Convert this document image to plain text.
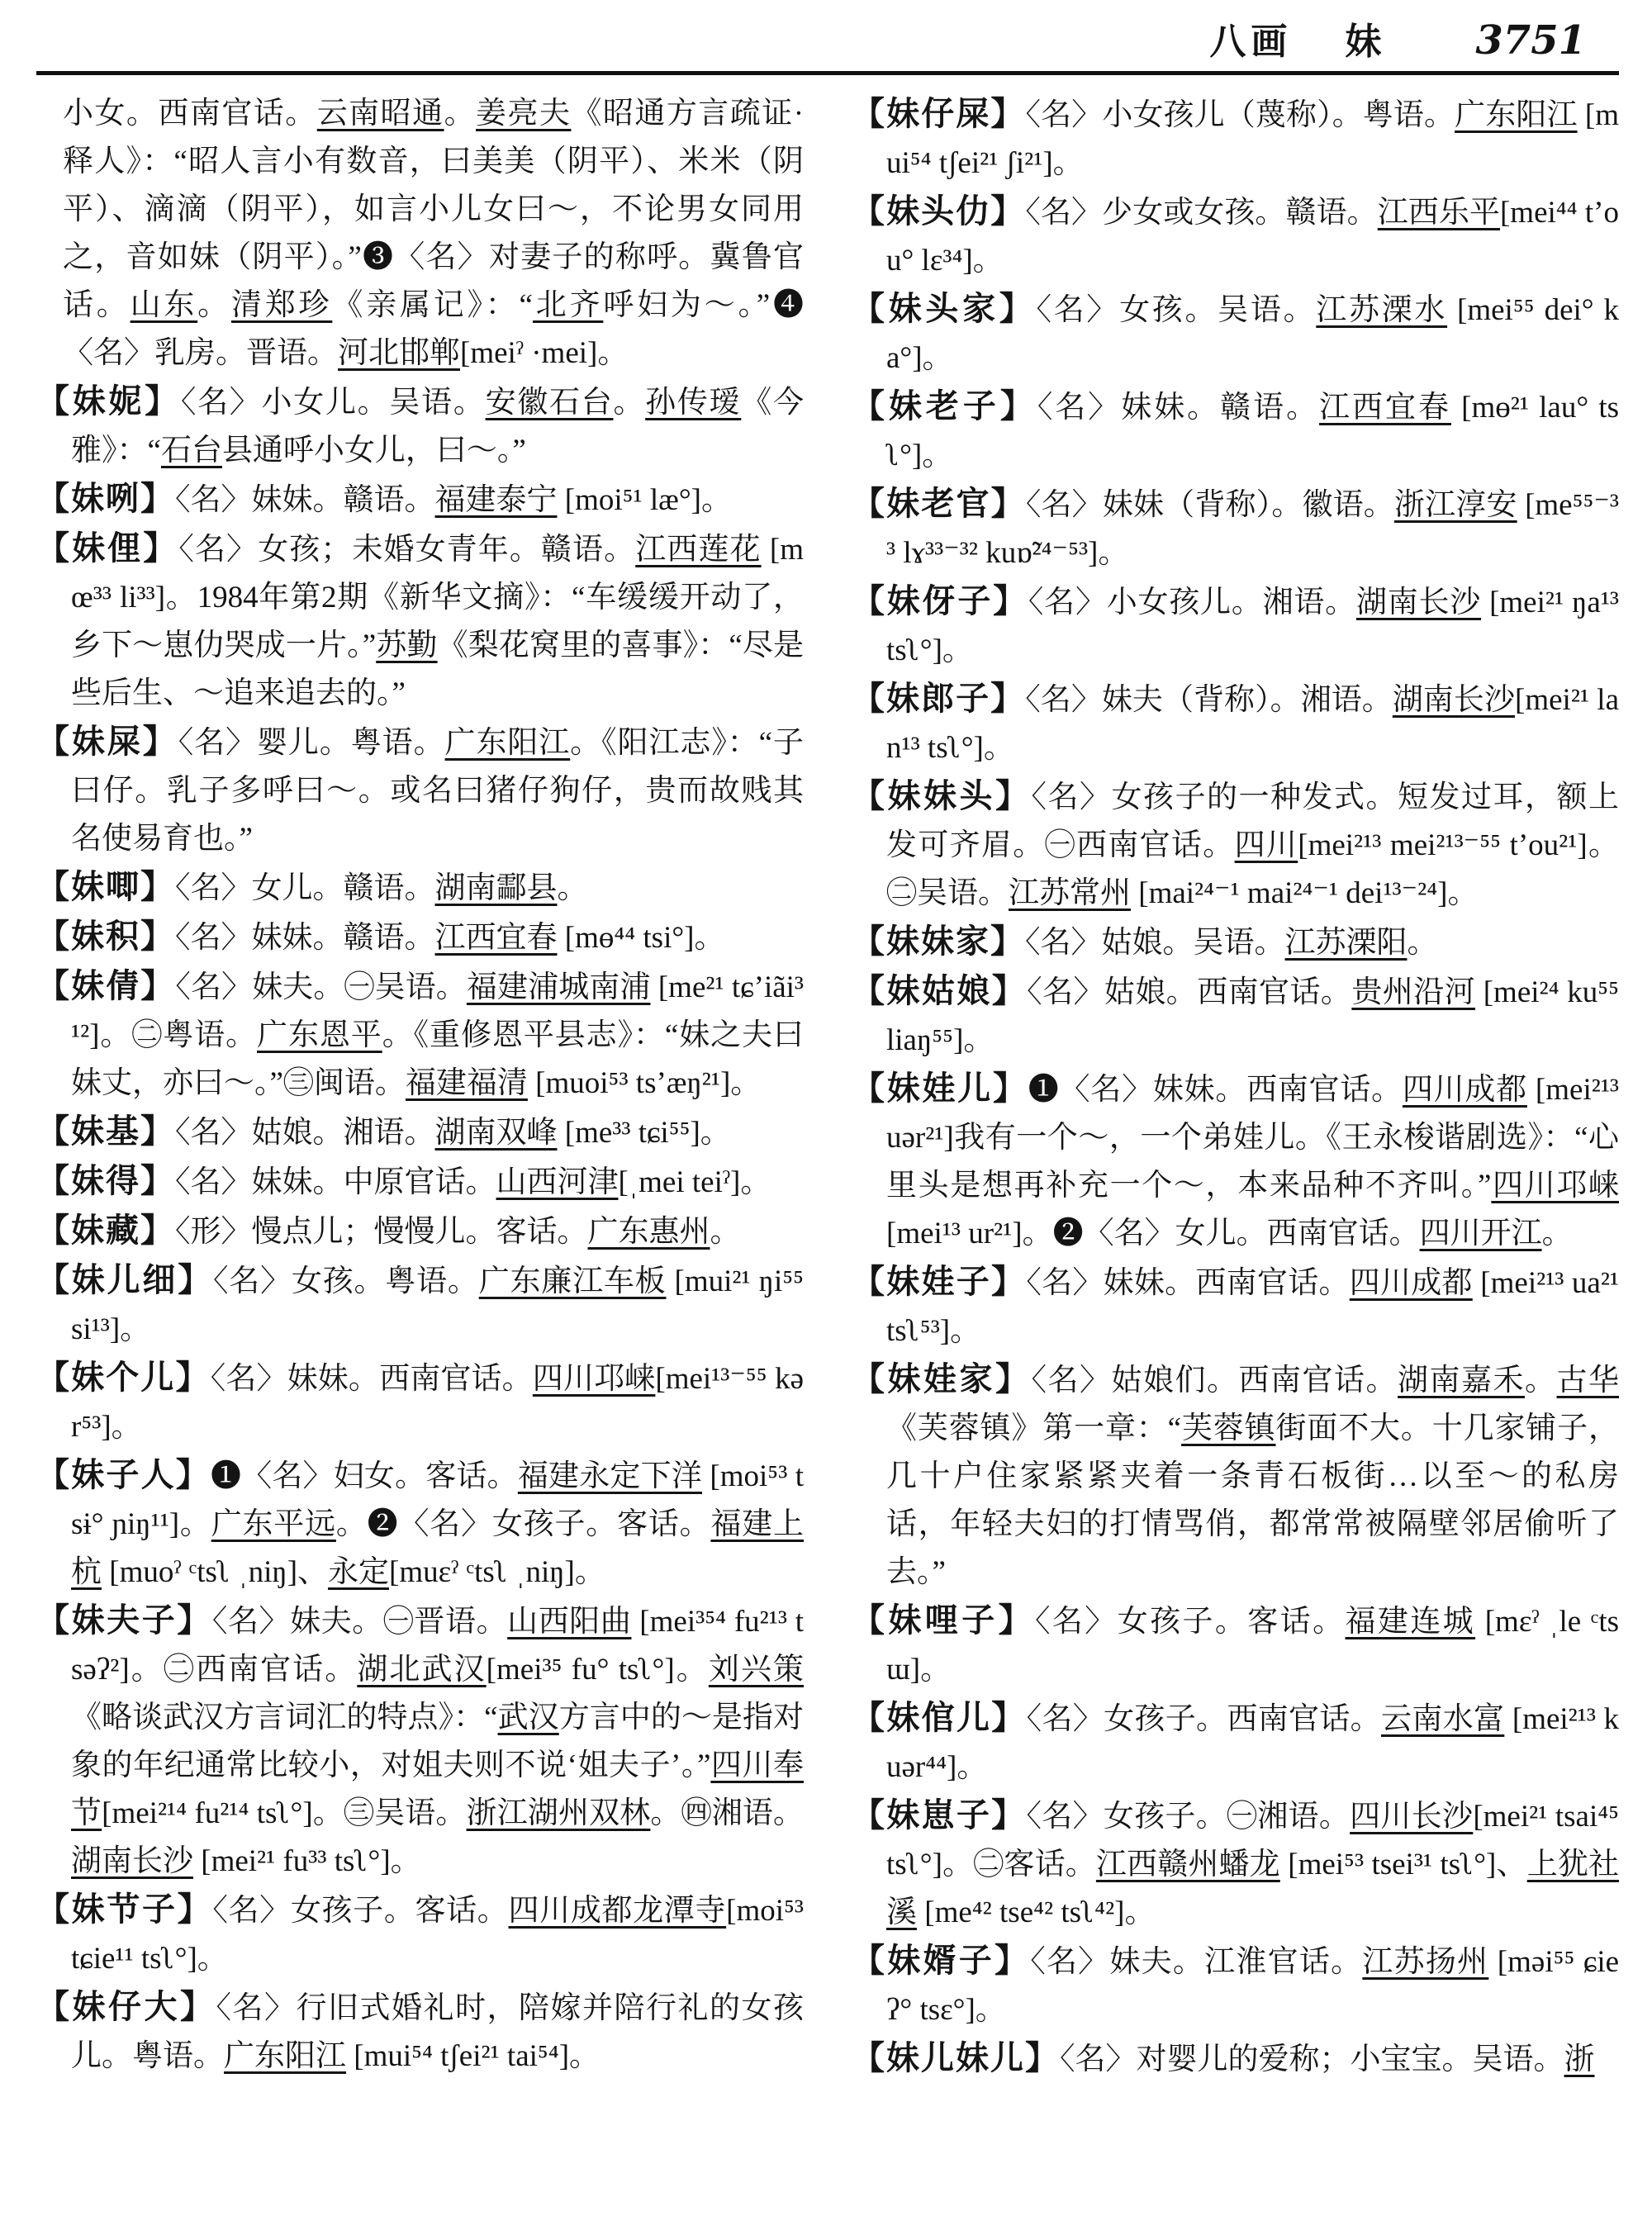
八画 妹 3751

小女。西南官话。云南昭通。姜亮夫《昭通方言疏证·释人》：“昭人言小有数音，曰美美（阴平）、米米（阴平）、滴滴（阴平），如言小儿女曰～，不论男女同用之，音如妹（阴平）。”❸〈名〉对妻子的称呼。冀鲁官话。山东。清郑珍《亲属记》：“北齐呼妇为～。”❹〈名〉乳房。晋语。河北邯郸[meiˀ ·mei]。

【妹妮】〈名〉小女儿。吴语。安徽石台。孙传瑷《今雅》：“石台县通呼小女儿，曰～。”

【妹咧】〈名〉妹妹。赣语。福建泰宁 [moi⁵¹ læ°]。

【妹俚】〈名〉女孩；未婚女青年。赣语。江西莲花 [mœ³³ li³³]。1984年第2期《新华文摘》：“车缓缓开动了，乡下～崽仂哭成一片。”苏勤《梨花窝里的喜事》：“尽是些后生、～追来追去的。”

【妹屎】〈名〉婴儿。粤语。广东阳江。《阳江志》：“子曰仔。乳子多呼曰～。或名曰猪仔狗仔，贵而故贱其名使易育也。”

【妹唧】〈名〉女儿。赣语。湖南酃县。

【妹积】〈名〉妹妹。赣语。江西宜春 [mɵ⁴⁴ tsi°]。

【妹倩】〈名〉妹夫。㊀吴语。福建浦城南浦 [me²¹ tɕ’iãi³¹²]。㊁粤语。广东恩平。《重修恩平县志》：“妹之夫曰妹丈，亦曰～。”㊂闽语。福建福清 [muoi⁵³ ts’æŋ²¹]。

【妹基】〈名〉姑娘。湘语。湖南双峰 [me³³ tɕi⁵⁵]。

【妹得】〈名〉妹妹。中原官话。山西河津[ˌmei teiˀ]。

【妹藏】〈形〉慢点儿；慢慢儿。客话。广东惠州。

【妹儿细】〈名〉女孩。粤语。广东廉江车板 [mui²¹ ŋi⁵⁵ si¹³]。

【妹个儿】〈名〉妹妹。西南官话。四川邛崃[mei¹³⁻⁵⁵ kər⁵³]。

【妹子人】❶〈名〉妇女。客话。福建永定下洋 [moi⁵³ tsɨ° ɲiŋ¹¹]。广东平远。❷〈名〉女孩子。客话。福建上杭 [muoˀ ᶜtsʅ ˌniŋ]、永定[muɛˀ ᶜtsʅ ˌniŋ]。

【妹夫子】〈名〉妹夫。㊀晋语。山西阳曲 [mei³⁵⁴ fu²¹³ tsəʔ²]。㊁西南官话。湖北武汉[mei³⁵ fu° tsʅ°]。刘兴策《略谈武汉方言词汇的特点》：“武汉方言中的～是指对象的年纪通常比较小，对姐夫则不说‘姐夫子’。”四川奉节[mei²¹⁴ fu²¹⁴ tsʅ°]。㊂吴语。浙江湖州双林。㊃湘语。湖南长沙 [mei²¹ fu³³ tsʅ°]。

【妹节子】〈名〉女孩子。客话。四川成都龙潭寺[moi⁵³ tɕie¹¹ tsʅ°]。

【妹仔大】〈名〉行旧式婚礼时，陪嫁并陪行礼的女孩儿。粤语。广东阳江 [mui⁵⁴ tʃei²¹ tai⁵⁴]。

【妹仔屎】〈名〉小女孩儿（蔑称）。粤语。广东阳江 [mui⁵⁴ tʃei²¹ ʃi²¹]。

【妹头仂】〈名〉少女或女孩。赣语。江西乐平[mei⁴⁴ t’ou° lɛ³⁴]。

【妹头家】〈名〉女孩。吴语。江苏溧水 [mei⁵⁵ dei° ka°]。

【妹老子】〈名〉妹妹。赣语。江西宜春 [mɵ²¹ lau° tsʅ°]。

【妹老官】〈名〉妹妹（背称）。徽语。浙江淳安 [me⁵⁵⁻³³ lɤ³³⁻³² kuɒ̃²⁴⁻⁵³]。

【妹伢子】〈名〉小女孩儿。湘语。湖南长沙 [mei²¹ ŋa¹³ tsʅ°]。

【妹郎子】〈名〉妹夫（背称）。湘语。湖南长沙[mei²¹ lan¹³ tsʅ°]。

【妹妹头】〈名〉女孩子的一种发式。短发过耳，额上发可齐眉。㊀西南官话。四川[mei²¹³ mei²¹³⁻⁵⁵ t’ou²¹]。㊁吴语。江苏常州 [mai²⁴⁻¹ mai²⁴⁻¹ dei¹³⁻²⁴]。

【妹妹家】〈名〉姑娘。吴语。江苏溧阳。

【妹姑娘】〈名〉姑娘。西南官话。贵州沿河 [mei²⁴ ku⁵⁵ liaŋ⁵⁵]。

【妹娃儿】❶〈名〉妹妹。西南官话。四川成都 [mei²¹³ uər²¹]我有一个～，一个弟娃儿。《王永梭谐剧选》：“心里头是想再补充一个～，本来品种不齐叫。”四川邛崃[mei¹³ ur²¹]。❷〈名〉女儿。西南官话。四川开江。

【妹娃子】〈名〉妹妹。西南官话。四川成都 [mei²¹³ ua²¹ tsʅ⁵³]。

【妹娃家】〈名〉姑娘们。西南官话。湖南嘉禾。古华《芙蓉镇》第一章：“芙蓉镇街面不大。十几家铺子，几十户住家紧紧夹着一条青石板街…以至～的私房话，年轻夫妇的打情骂俏，都常常被隔壁邻居偷听了去。”

【妹哩子】〈名〉女孩子。客话。福建连城 [mɛˀ ˌle ᶜtsɯ]。

【妹倌儿】〈名〉女孩子。西南官话。云南水富 [mei²¹³ kuər⁴⁴]。

【妹崽子】〈名〉女孩子。㊀湘语。四川长沙[mei²¹ tsai⁴⁵ tsʅ°]。㊁客话。江西赣州蟠龙 [mei⁵³ tsei³¹ tsʅ°]、上犹社溪 [me⁴² tse⁴² tsʅ⁴²]。

【妹婿子】〈名〉妹夫。江淮官话。江苏扬州 [məi⁵⁵ ɕieʔ° tsɛ°]。

【妹儿妹儿】〈名〉对婴儿的爱称；小宝宝。吴语。浙
